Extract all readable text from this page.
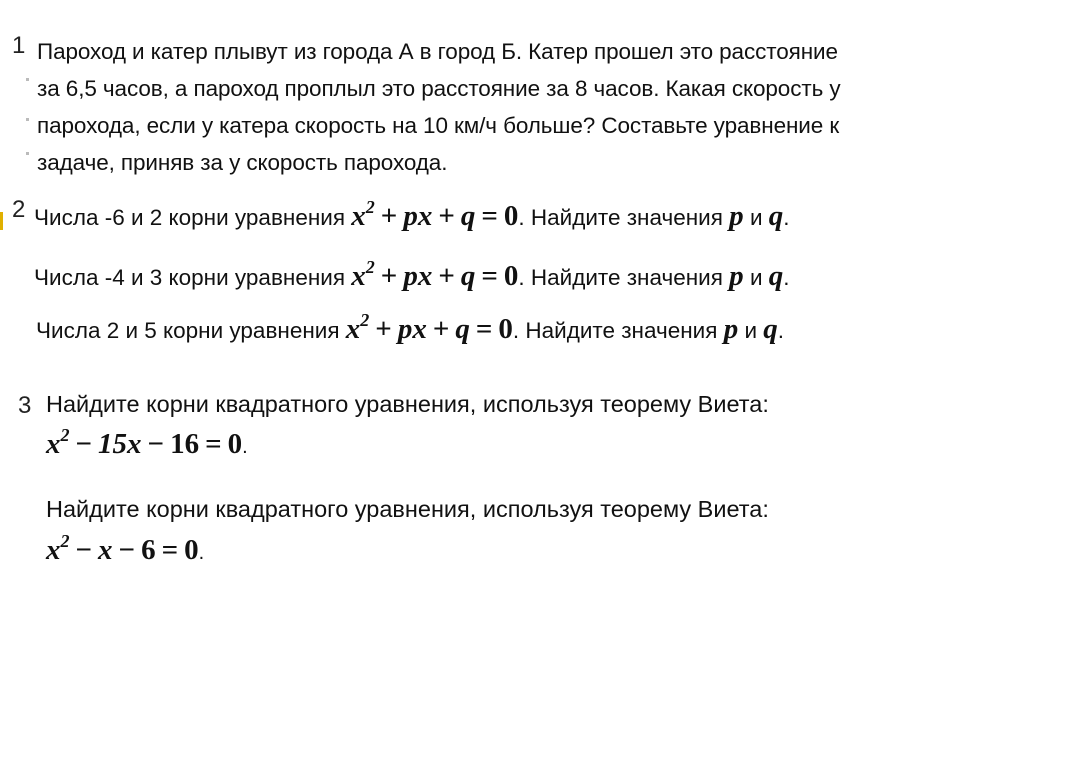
1 Пароход и катер плывут из города А в город Б. Катер прошел это расстояние
за 6,5 часов, а пароход проплыл это расстояние за 8 часов. Какая скорость у
парохода, если у катера скорость на 10 км/ч больше? Составьте уравнение к
задаче, приняв за у скорость парохода.
2 Числа -6 и 2 корни уравнения $x^2$ + px + q = 0. Найдите значения p и q.
Числа -4 и 3 корни уравнения $x^2$ + px + q = 0. Найдите значения p и q.
Числа 2 и 5 корни уравнения $x^2$ + px + q = 0. Найдите значения p и q.
3 Найдите корни квадратного уравнения, используя теорему Виета:
$x^2 - 15x - 16 = 0$.
Найдите корни квадратного уравнения, используя теорему Виета:
$x^2 - x - 6 = 0$.
